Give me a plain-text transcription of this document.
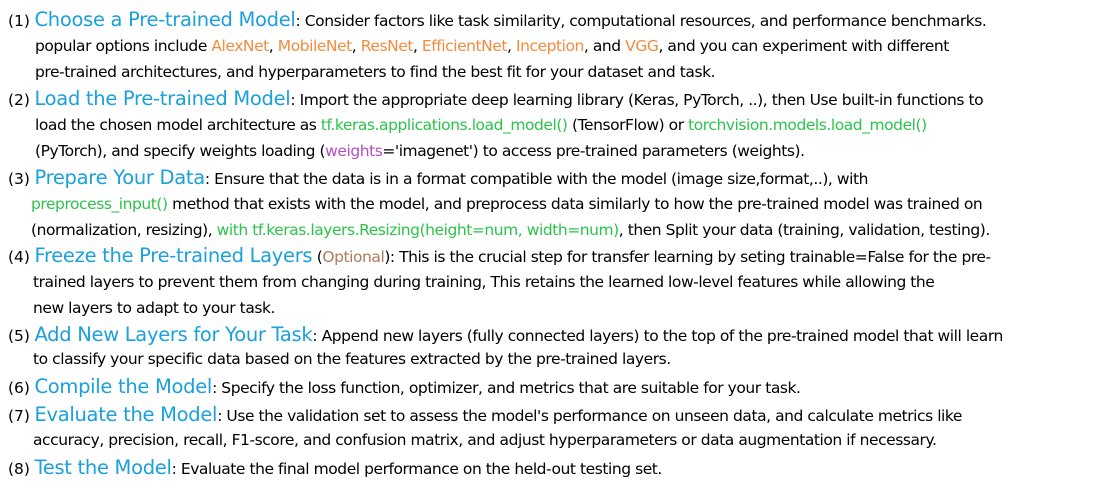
(1) Choose a Pre-trained Model: Consider factors like task similarity, computational resources, and performance benchmarks.
popular options include AlexNet, MobileNet, ResNet, EfficientNet, Inception, and VGG, and you can experiment with different
pre-trained architectures, and hyperparameters to find the best fit for your dataset and task.
(2) Load the Pre-trained Model: Import the appropriate deep learning library (Keras, PyTorch, ..), then Use built-in functions to
load the chosen model architecture as tf.keras.applications.load_model() (TensorFlow) or torchvision.models.load_model()
(PyTorch), and specify weights loading (weights='imagenet') to access pre-trained parameters (weights).
(3) Prepare Your Data: Ensure that the data is in a format compatible with the model (image size,format,..), with
preprocess_input() method that exists with the model, and preprocess data similarly to how the pre-trained model was trained on
(normalization, resizing), with tf.keras.layers.Resizing(height=num, width=num), then Split your data (training, validation, testing).
(4) Freeze the Pre-trained Layers (Optional): This is the crucial step for transfer learning by seting trainable=False for the pre-
trained layers to prevent them from changing during training, This retains the learned low-level features while allowing the
new layers to adapt to your task.
(5) Add New Layers for Your Task: Append new layers (fully connected layers) to the top of the pre-trained model that will learn
to classify your specific data based on the features extracted by the pre-trained layers.
(6) Compile the Model: Specify the loss function, optimizer, and metrics that are suitable for your task.
(7) Evaluate the Model: Use the validation set to assess the model's performance on unseen data, and calculate metrics like
accuracy, precision, recall, F1-score, and confusion matrix, and adjust hyperparameters or data augmentation if necessary.
(8) Test the Model: Evaluate the final model performance on the held-out testing set.
